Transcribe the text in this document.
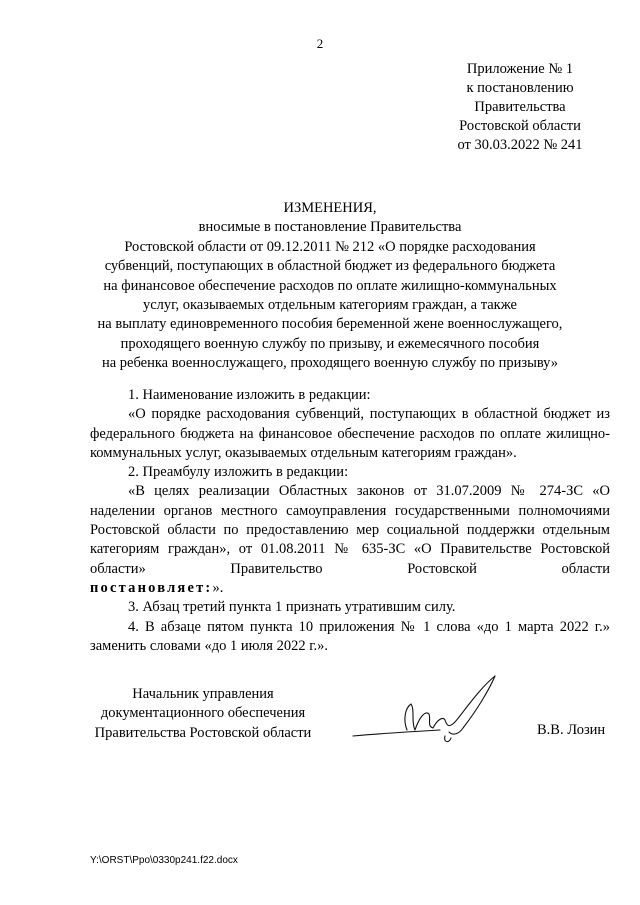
2
Приложение № 1
к постановлению
Правительства
Ростовской области
от 30.03.2022 № 241
ИЗМЕНЕНИЯ,
вносимые в постановление Правительства
Ростовской области от 09.12.2011 № 212 «О порядке расходования
субвенций, поступающих в областной бюджет из федерального бюджета
на финансовое обеспечение расходов по оплате жилищно-коммунальных
услуг, оказываемых отдельным категориям граждан, а также
на выплату единовременного пособия беременной жене военнослужащего,
проходящего военную службу по призыву, и ежемесячного пособия
на ребенка военнослужащего, проходящего военную службу по призыву»

1. Наименование изложить в редакции:

«О порядке расходования субвенций, поступающих в областной бюджет из федерального бюджета на финансовое обеспечение расходов по оплате жилищно-коммунальных услуг, оказываемых отдельным категориям граждан».

2. Преамбулу изложить в редакции:

«В целях реализации Областных законов от 31.07.2009 № 274-ЗС «О наделении органов местного самоуправления государственными полномочиями Ростовской области по предоставлению мер социальной поддержки отдельным категориям граждан», от 01.08.2011 № 635-ЗС «О Правительстве Ростовской области» Правительство Ростовской области

постановляет:».

3. Абзац третий пункта 1 признать утратившим силу.

4. В абзаце пятом пункта 10 приложения № 1 слова «до 1 марта 2022 г.» заменить словами «до 1 июля 2022 г.».

Начальник управления
документационного обеспечения
Правительства Ростовской области	В.В. Лозин
Y:\ORST\Ppo\0330p241.f22.docx
